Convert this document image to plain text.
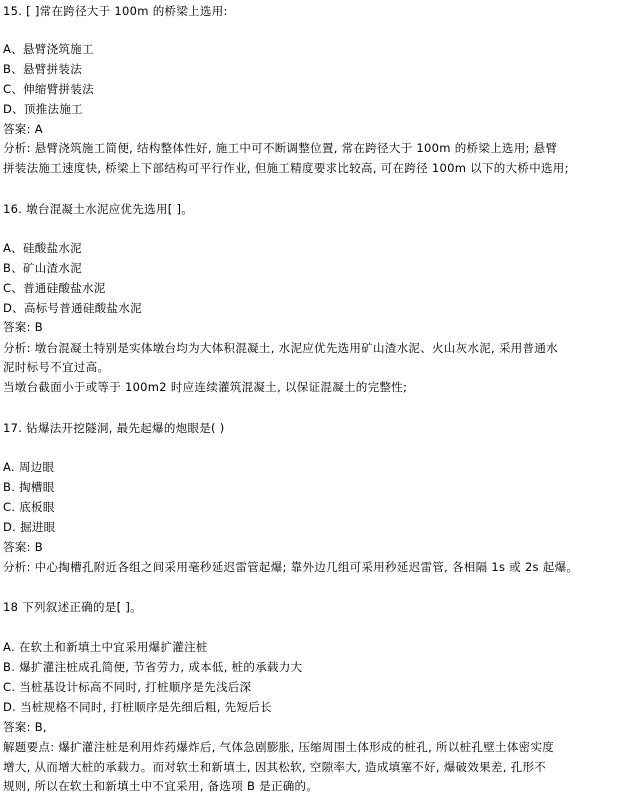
15. [ ]常在跨径大于 100m 的桥梁上选用:
A、悬臂浇筑施工
B、悬臂拼装法
C、伸缩臂拼装法
D、顶推法施工
答案: A
分析: 悬臂浇筑施工简便, 结构整体性好, 施工中可不断调整位置, 常在跨径大于 100m 的桥梁上选用; 悬臂
拼装法施工速度快, 桥梁上下部结构可平行作业, 但施工精度要求比较高, 可在跨径 100m 以下的大桥中选用;
16. 墩台混凝土水泥应优先选用[ ]。
A、硅酸盐水泥
B、矿山渣水泥
C、普通硅酸盐水泥
D、高标号普通硅酸盐水泥
答案: B
分析: 墩台混凝土特别是实体墩台均为大体积混凝土, 水泥应优先选用矿山渣水泥、火山灰水泥, 采用普通水
泥时标号不宜过高。
当墩台截面小于或等于 100m2 时应连续灌筑混凝土, 以保证混凝土的完整性;
17. 钻爆法开挖隧洞, 最先起爆的炮眼是( )
A. 周边眼
B. 掏槽眼
C. 底板眼
D. 掘进眼
答案: B
分析: 中心掏槽孔附近各组之间采用毫秒延迟雷管起爆; 靠外边几组可采用秒延迟雷管, 各相隔 1s 或 2s 起爆。
18 下列叙述正确的是[ ]。
A. 在软土和新填土中宜采用爆扩灌注桩
B. 爆扩灌注桩成孔简便, 节省劳力, 成本低, 桩的承载力大
C. 当桩基设计标高不同时, 打桩顺序是先浅后深
D. 当桩规格不同时, 打桩顺序是先细后粗, 先短后长
答案: B,
解题要点: 爆扩灌注桩是利用炸药爆炸后, 气体急剧膨胀, 压缩周围土体形成的桩孔, 所以桩孔壁土体密实度
增大, 从而增大桩的承载力。而对软土和新填土, 因其松软, 空隙率大, 造成填塞不好, 爆破效果差, 孔形不
规则, 所以在软土和新填土中不宜采用, 备选项 B 是正确的。
